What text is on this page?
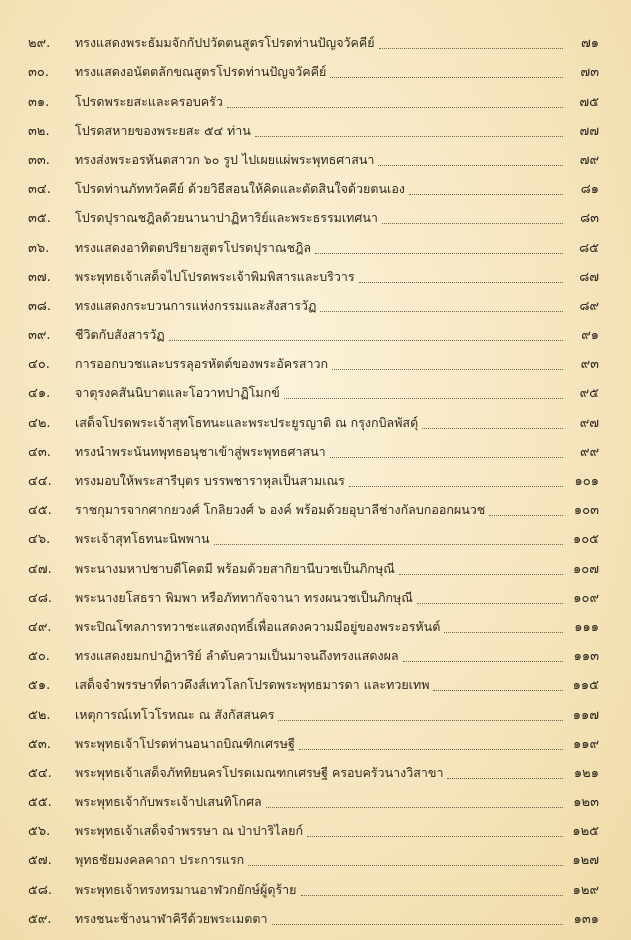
๒๙.	ทรงแสดงพระธัมมจักกัปปวัตตนสูตรโปรดท่านปัญจวัคคีย์	๗๑
๓๐.	ทรงแสดงอนัตตลักขณสูตรโปรดท่านปัญจวัคคีย์	๗๓
๓๑.	โปรดพระยสะและครอบครัว	๗๕
๓๒.	โปรดสหายของพระยสะ ๕๔ ท่าน	๗๗
๓๓.	ทรงส่งพระอรหันตสาวก ๖๐ รูป ไปเผยแผ่พระพุทธศาสนา	๗๙
๓๔.	โปรดท่านภัททวัคคีย์ ด้วยวิธีสอนให้คิดและตัดสินใจด้วยตนเอง	๘๑
๓๕.	โปรดปุราณชฎิลด้วยนานาปาฏิหาริย์และพระธรรมเทศนา	๘๓
๓๖.	ทรงแสดงอาทิตตปริยายสูตรโปรดปุราณชฎิล	๘๕
๓๗.	พระพุทธเจ้าเสด็จไปโปรดพระเจ้าพิมพิสารและบริวาร	๘๗
๓๘.	ทรงแสดงกระบวนการแห่งกรรมและสังสารวัฏ	๘๙
๓๙.	ชีวิตกับสังสารวัฏ	๙๑
๔๐.	การออกบวชและบรรลุอรหัตต์ของพระอัครสาวก	๙๓
๔๑.	จาตุรงคสันนิบาตและโอวาทปาฏิโมกข์	๙๕
๔๒.	เสด็จโปรดพระเจ้าสุทโธทนะและพระประยูรญาติ ณ กรุงกบิลพัสดุ์	๙๗
๔๓.	ทรงนำพระนันทพุทธอนุชาเข้าสู่พระพุทธศาสนา	๙๙
๔๔.	ทรงมอบให้พระสารีบุตร บรรพชาราหุลเป็นสามเณร	๑๐๑
๔๕.	ราชกุมารจากศากยวงศ์ โกลิยวงศ์ ๖ องค์ พร้อมด้วยอุบาลีช่างกัลบกออกผนวช	๑๐๓
๔๖.	พระเจ้าสุทโธทนะนิพพาน	๑๐๕
๔๗.	พระนางมหาปชาบดีโคตมี พร้อมด้วยสากิยานีบวชเป็นภิกษุณี	๑๐๗
๔๘.	พระนางยโสธรา พิมพา หรือภัททากัจจานา ทรงผนวชเป็นภิกษุณี	๑๐๙
๔๙.	พระปิณโฑลภารทวาชะแสดงฤทธิ์เพื่อแสดงความมีอยู่ของพระอรหันต์	๑๑๑
๕๐.	ทรงแสดงยมกปาฏิหาริย์ ลำดับความเป็นมาจนถึงทรงแสดงผล	๑๑๓
๕๑.	เสด็จจำพรรษาที่ดาวดึงส์เทวโลกโปรดพระพุทธมารดา และทวยเทพ	๑๑๕
๕๒.	เหตุการณ์เทโวโรหณะ ณ สังกัสสนคร	๑๑๗
๕๓.	พระพุทธเจ้าโปรดท่านอนาถบิณฑิกเศรษฐี	๑๑๙
๕๔.	พระพุทธเจ้าเสด็จภัททิยนครโปรดเมณฑกเศรษฐี ครอบครัวนางวิสาขา	๑๒๑
๕๕.	พระพุทธเจ้ากับพระเจ้าปเสนทิโกศล	๑๒๓
๕๖.	พระพุทธเจ้าเสด็จจำพรรษา ณ ป่าปาริไลยก์	๑๒๕
๕๗.	พุทธชัยมงคลคาถา ประการแรก	๑๒๗
๕๘.	พระพุทธเจ้าทรงทรมานอาฬวกยักษ์ผู้ดุร้าย	๑๒๙
๕๙.	ทรงชนะช้างนาฬาคิรีด้วยพระเมตตา	๑๓๑
